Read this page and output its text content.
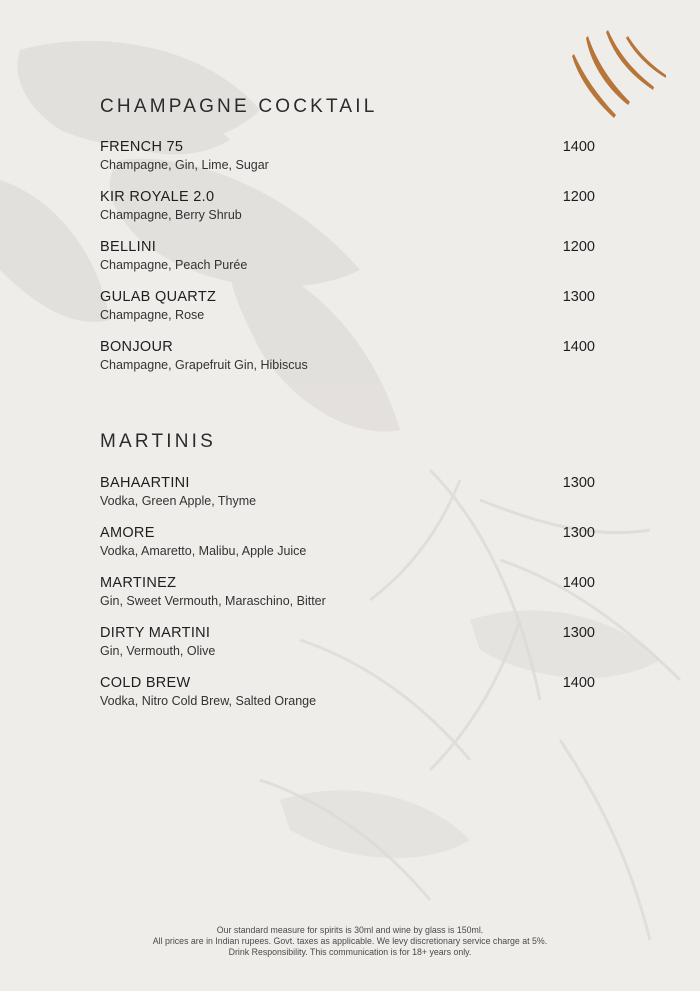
CHAMPAGNE COCKTAIL
FRENCH 75
Champagne, Gin, Lime, Sugar
1400
KIR ROYALE 2.0
Champagne, Berry Shrub
1200
BELLINI
Champagne, Peach Purée
1200
GULAB QUARTZ
Champagne, Rose
1300
BONJOUR
Champagne, Grapefruit Gin, Hibiscus
1400
MARTINIS
BAHAARTINI
Vodka, Green Apple, Thyme
1300
AMORE
Vodka, Amaretto, Malibu, Apple Juice
1300
MARTINEZ
Gin, Sweet Vermouth, Maraschino, Bitter
1400
DIRTY MARTINI
Gin, Vermouth, Olive
1300
COLD BREW
Vodka, Nitro Cold Brew, Salted Orange
1400
Our standard measure for spirits is 30ml and wine by glass is 150ml.
All prices are in Indian rupees. Govt. taxes as applicable. We levy discretionary service charge at 5%.
Drink Responsibility. This communication is for 18+ years only.
